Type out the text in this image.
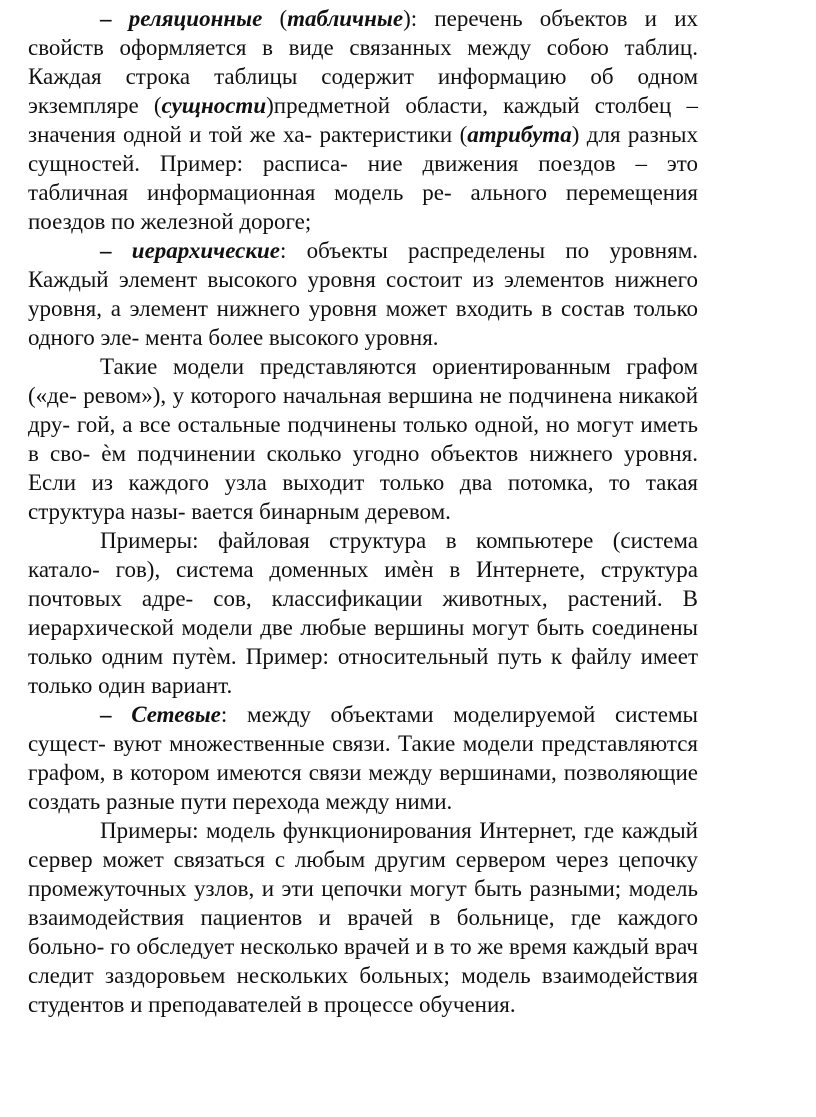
– реляционные (табличные): перечень объектов и их свойств оформляется в виде связанных между собою таблиц. Каждая строка таблицы содержит информацию об одном экземпляре (сущности)предметной области, каждый столбец – значения одной и той же ха- рактеристики (атрибута) для разных сущностей. Пример: расписа- ние движения поездов – это табличная информационная модель ре- ального перемещения поездов по железной дороге;

– иерархические: объекты распределены по уровням. Каждый элемент высокого уровня состоит из элементов нижнего уровня, а элемент нижнего уровня может входить в состав только одного эле- мента более высокого уровня.

Такие модели представляются ориентированным графом («де- ревом»), у которого начальная вершина не подчинена никакой дру- гой, а все остальные подчинены только одной, но могут иметь в сво- ѐм подчинении сколько угодно объектов нижнего уровня. Если из каждого узла выходит только два потомка, то такая структура назы- вается бинарным деревом.

Примеры: файловая структура в компьютере (система катало- гов), система доменных имѐн в Интернете, структура почтовых адре- сов, классификации животных, растений. В иерархической модели две любые вершины могут быть соединены только одним путѐм. Пример: относительный путь к файлу имеет только один вариант.

– Сетевые: между объектами моделируемой системы сущест- вуют множественные связи. Такие модели представляются графом, в котором имеются связи между вершинами, позволяющие создать разные пути перехода между ними.

Примеры: модель функционирования Интернет, где каждый сервер может связаться с любым другим сервером через цепочку промежуточных узлов, и эти цепочки могут быть разными; модель взаимодействия пациентов и врачей в больнице, где каждого больно- го обследует несколько врачей и в то же время каждый врач следит заздоровьем нескольких больных; модель взаимодействия студентов и преподавателей в процессе обучения.
